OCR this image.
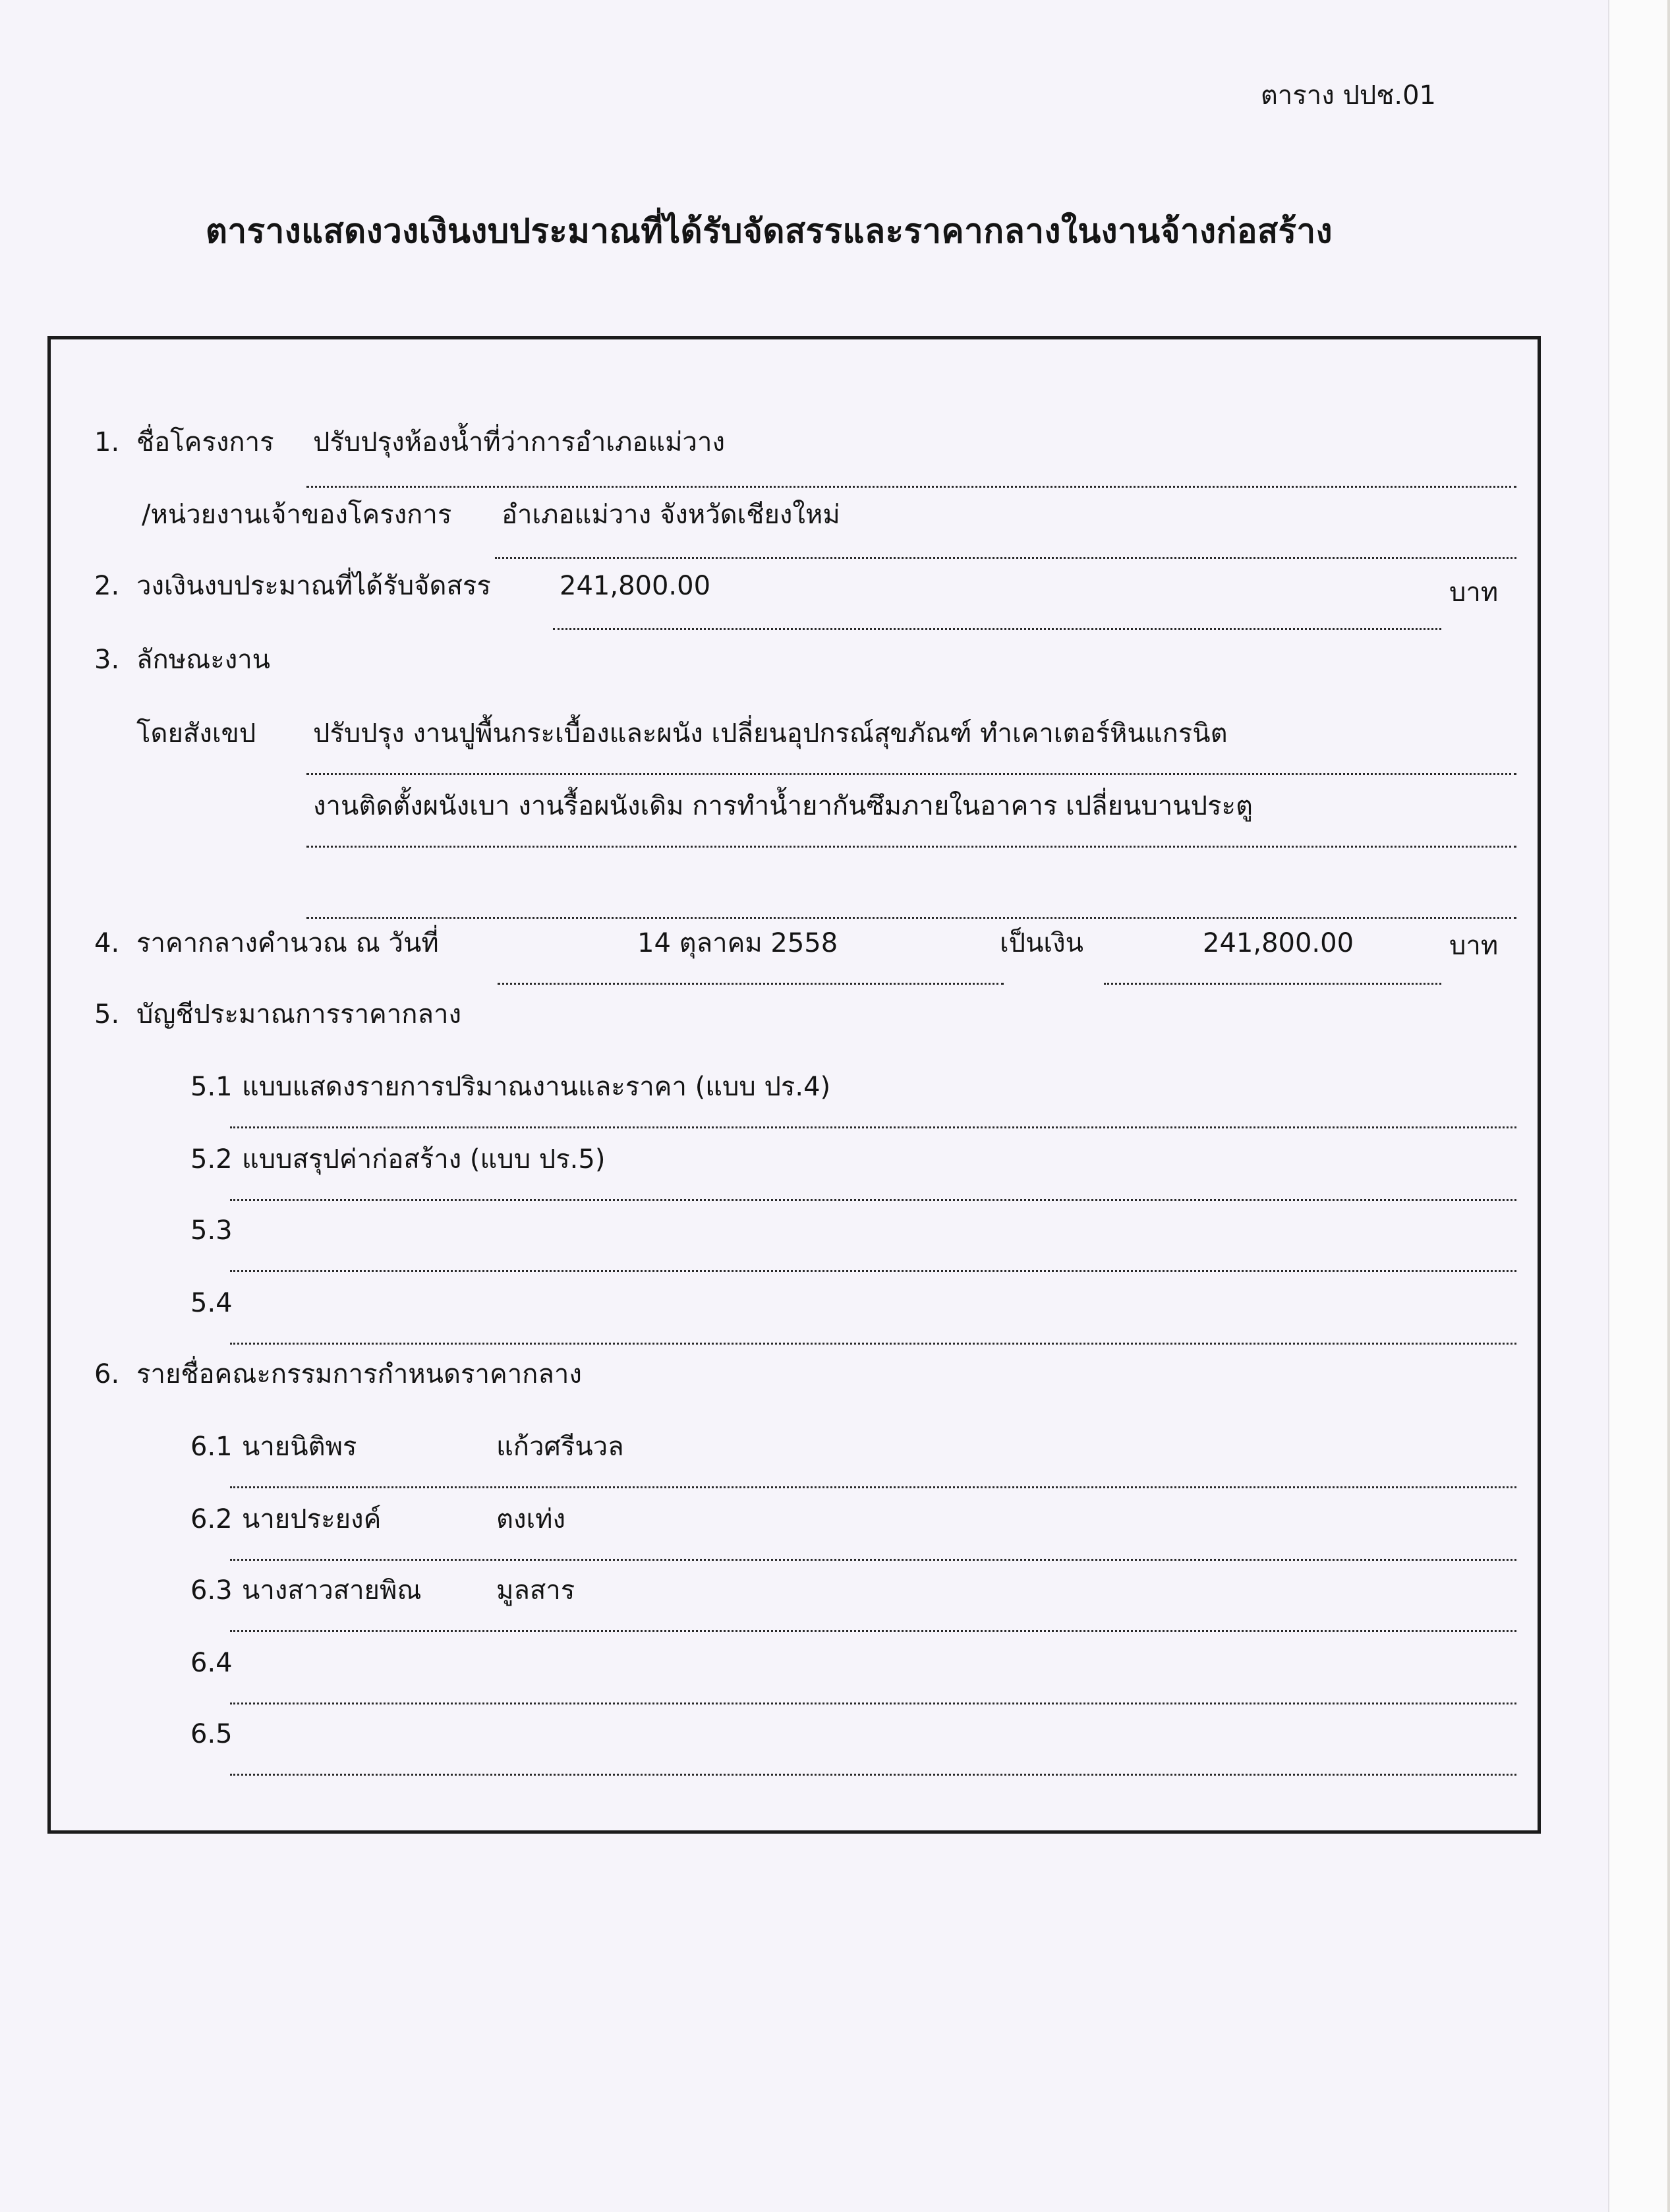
ตาราง ปปช.01
ตารางแสดงวงเงินงบประมาณที่ได้รับจัดสรรและราคากลางในงานจ้างก่อสร้าง
1. ชื่อโครงการ ปรับปรุงห้องน้ำที่ว่าการอำเภอแม่วาง
/หน่วยงานเจ้าของโครงการ อำเภอแม่วาง จังหวัดเชียงใหม่
2. วงเงินงบประมาณที่ได้รับจัดสรร	241,800.00	บาท
3. ลักษณะงาน
โดยสังเขป ปรับปรุง งานปูพื้นกระเบื้องและผนัง เปลี่ยนอุปกรณ์สุขภัณฑ์ ทำเคาเตอร์หินแกรนิต
งานติดตั้งผนังเบา งานรื้อผนังเดิม การทำน้ำยากันซึมภายในอาคาร เปลี่ยนบานประตู
4. ราคากลางคำนวณ ณ วันที่	14 ตุลาคม 2558	เป็นเงิน	241,800.00	บาท
5. บัญชีประมาณการราคากลาง
5.1 แบบแสดงรายการปริมาณงานและราคา (แบบ ปร.4)
5.2 แบบสรุปค่าก่อสร้าง (แบบ ปร.5)
5.3
5.4
6. รายชื่อคณะกรรมการกำหนดราคากลาง
6.1 นายนิติพร	แก้วศรีนวล
6.2 นายประยงค์	ตงเท่ง
6.3 นางสาวสายพิณ	มูลสาร
6.4
6.5
